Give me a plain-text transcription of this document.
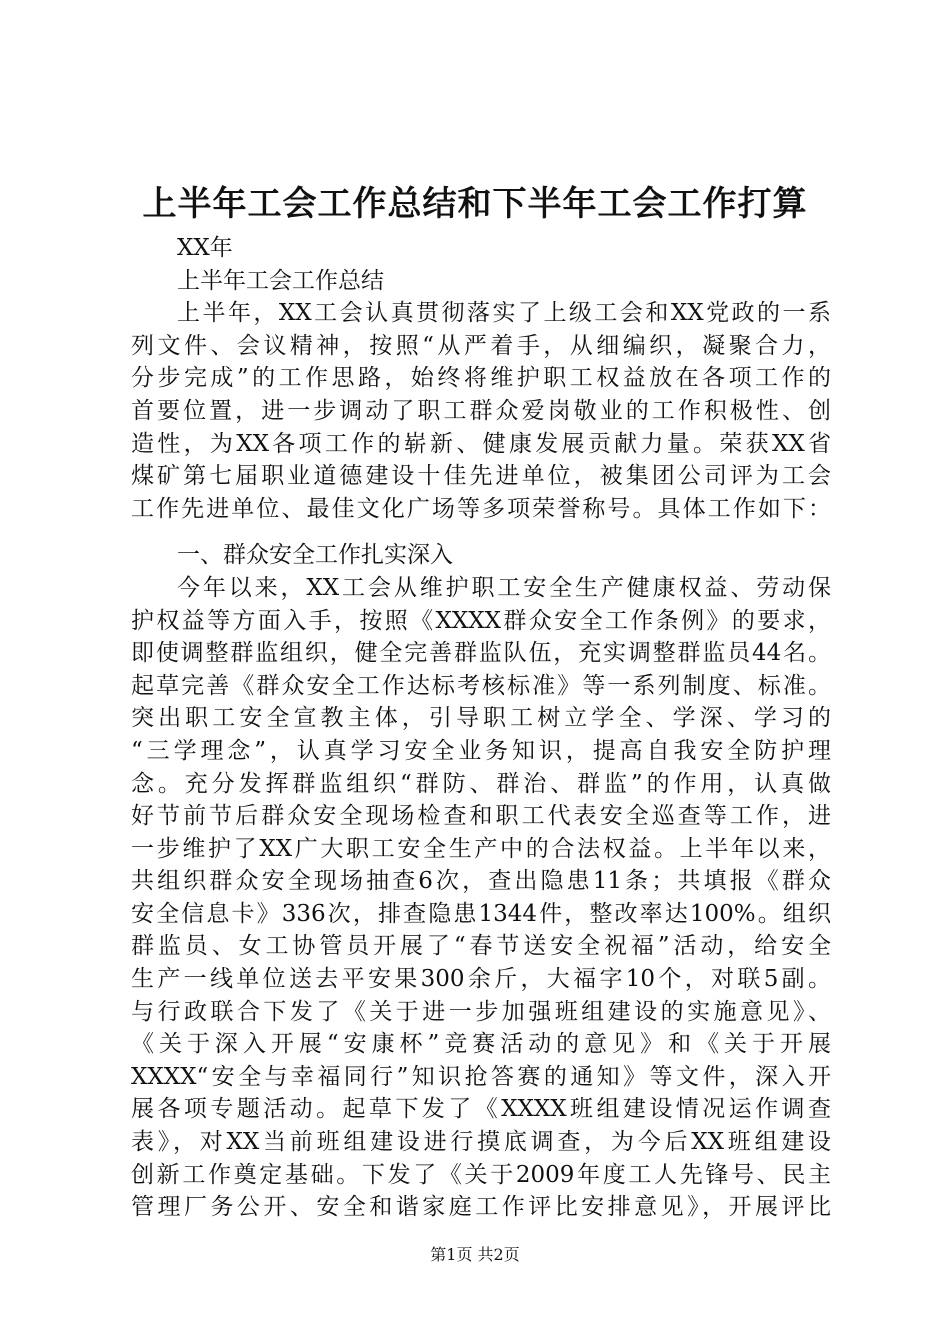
上半年工会工作总结和下半年工会工作打算
XX年
上半年工会工作总结
上半年，XX工会认真贯彻落实了上级工会和XX党政的一系
列文件、会议精神，按照“从严着手，从细编织，凝聚合力，
分步完成”的工作思路，始终将维护职工权益放在各项工作的
首要位置，进一步调动了职工群众爱岗敬业的工作积极性、创
造性，为XX各项工作的崭新、健康发展贡献力量。荣获XX省
煤矿第七届职业道德建设十佳先进单位，被集团公司评为工会
工作先进单位、最佳文化广场等多项荣誉称号。具体工作如下：
一、群众安全工作扎实深入
今年以来，XX工会从维护职工安全生产健康权益、劳动保
护权益等方面入手，按照《XXXX群众安全工作条例》的要求，
即使调整群监组织，健全完善群监队伍，充实调整群监员44名。
起草完善《群众安全工作达标考核标准》等一系列制度、标准。
突出职工安全宣教主体，引导职工树立学全、学深、学习的
“三学理念”，认真学习安全业务知识，提高自我安全防护理
念。充分发挥群监组织“群防、群治、群监”的作用，认真做
好节前节后群众安全现场检查和职工代表安全巡查等工作，进
一步维护了XX广大职工安全生产中的合法权益。上半年以来，
共组织群众安全现场抽查6次，查出隐患11条；共填报《群众
安全信息卡》336次，排查隐患1344件，整改率达100%。组织
群监员、女工协管员开展了“春节送安全祝福”活动，给安全
生产一线单位送去平安果300余斤，大福字10个，对联5副。
与行政联合下发了《关于进一步加强班组建设的实施意见》、
《关于深入开展“安康杯”竞赛活动的意见》和《关于开展
XXXX“安全与幸福同行”知识抢答赛的通知》等文件，深入开
展各项专题活动。起草下发了《XXXX班组建设情况运作调查
表》，对XX当前班组建设进行摸底调查，为今后XX班组建设
创新工作奠定基础。下发了《关于2009年度工人先锋号、民主
管理厂务公开、安全和谐家庭工作评比安排意见》，开展评比
第1页 共2页
